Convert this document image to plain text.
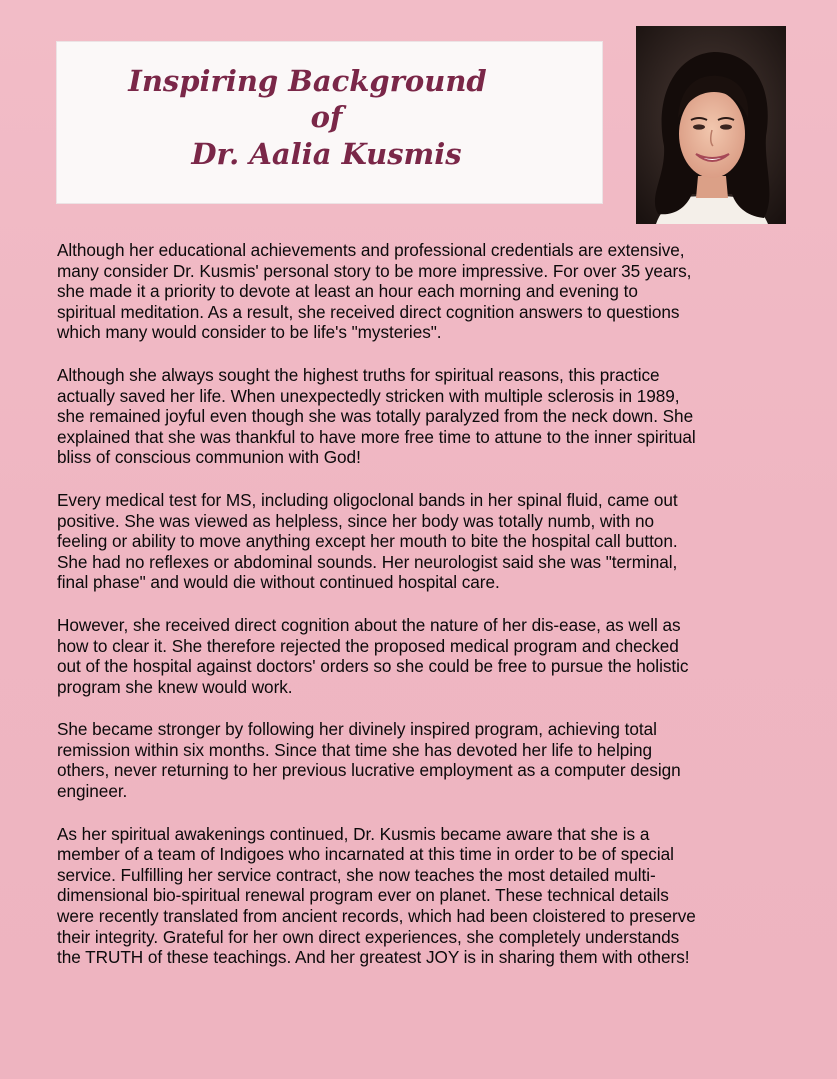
Inspiring Background
of
Dr. Aalia Kusmis

Although her educational achievements and professional credentials are extensive,
many consider Dr. Kusmis' personal story to be more impressive. For over 35 years,
she made it a priority to devote at least an hour each morning and evening to
spiritual meditation. As a result, she received direct cognition answers to questions
which many would consider to be life's "mysteries".

Although she always sought the highest truths for spiritual reasons, this practice
actually saved her life. When unexpectedly stricken with multiple sclerosis in 1989,
she remained joyful even though she was totally paralyzed from the neck down. She
explained that she was thankful to have more free time to attune to the inner spiritual
bliss of conscious communion with God!

Every medical test for MS, including oligoclonal bands in her spinal fluid, came out
positive. She was viewed as helpless, since her body was totally numb, with no
feeling or ability to move anything except her mouth to bite the hospital call button.
She had no reflexes or abdominal sounds. Her neurologist said she was "terminal,
final phase" and would die without continued hospital care.

However, she received direct cognition about the nature of her dis-ease, as well as
how to clear it. She therefore rejected the proposed medical program and checked
out of the hospital against doctors' orders so she could be free to pursue the holistic
program she knew would work.

She became stronger by following her divinely inspired program, achieving total
remission within six months. Since that time she has devoted her life to helping
others, never returning to her previous lucrative employment as a computer design
engineer.

As her spiritual awakenings continued, Dr. Kusmis became aware that she is a
member of a team of Indigoes who incarnated at this time in order to be of special
service. Fulfilling her service contract, she now teaches the most detailed multi-
dimensional bio-spiritual renewal program ever on planet. These technical details
were recently translated from ancient records, which had been cloistered to preserve
their integrity. Grateful for her own direct experiences, she completely understands
the TRUTH of these teachings. And her greatest JOY is in sharing them with others!
